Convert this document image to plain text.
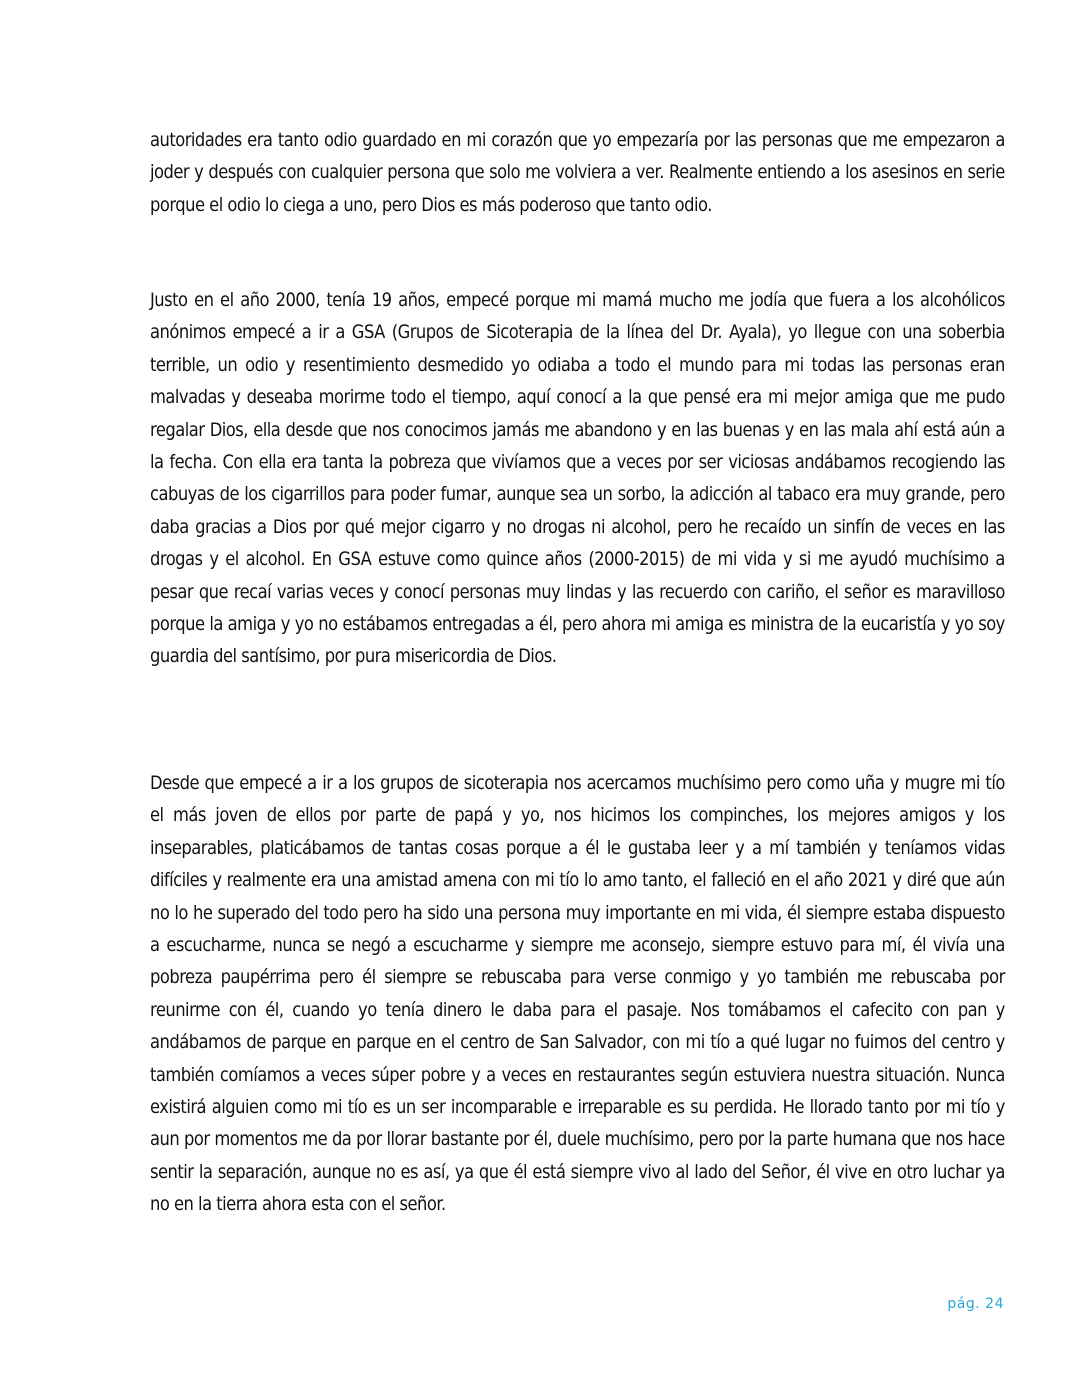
autoridades era tanto odio guardado en mi corazón que yo empezaría por las personas que me empezaron a joder y después con cualquier persona que solo me volviera a ver. Realmente entiendo a los asesinos en serie porque el odio lo ciega a uno, pero Dios es más poderoso que tanto odio.

Justo en el año 2000, tenía 19 años, empecé porque mi mamá mucho me jodía que fuera a los alcohólicos anónimos empecé a ir a GSA (Grupos de Sicoterapia de la línea del Dr. Ayala), yo llegue con una soberbia terrible, un odio y resentimiento desmedido yo odiaba a todo el mundo para mi todas las personas eran malvadas y deseaba morirme todo el tiempo, aquí conocí a la que pensé era mi mejor amiga que me pudo regalar Dios, ella desde que nos conocimos jamás me abandono y en las buenas y en las mala ahí está aún a la fecha. Con ella era tanta la pobreza que vivíamos que a veces por ser viciosas andábamos recogiendo las cabuyas de los cigarrillos para poder fumar, aunque sea un sorbo, la adicción al tabaco era muy grande, pero daba gracias a Dios por qué mejor cigarro y no drogas ni alcohol, pero he recaído un sinfín de veces en las drogas y el alcohol. En GSA estuve como quince años (2000-2015) de mi vida y si me ayudó muchísimo a pesar que recaí varias veces y conocí personas muy lindas y las recuerdo con cariño, el señor es maravilloso porque la amiga y yo no estábamos entregadas a él, pero ahora mi amiga es ministra de la eucaristía y yo soy guardia del santísimo, por pura misericordia de Dios.

Desde que empecé a ir a los grupos de sicoterapia nos acercamos muchísimo pero como uña y mugre mi tío el más joven de ellos por parte de papá y yo, nos hicimos los compinches, los mejores amigos y los inseparables, platicábamos de tantas cosas porque a él le gustaba leer y a mí también y teníamos vidas difíciles y realmente era una amistad amena con mi tío lo amo tanto, el falleció en el año 2021 y diré que aún no lo he superado del todo pero ha sido una persona muy importante en mi vida, él siempre estaba dispuesto a escucharme, nunca se negó a escucharme y siempre me aconsejo, siempre estuvo para mí, él vivía una pobreza paupérrima pero él siempre se rebuscaba para verse conmigo y yo también me rebuscaba por reunirme con él, cuando yo tenía dinero le daba para el pasaje. Nos tomábamos el cafecito con pan y andábamos de parque en parque en el centro de San Salvador, con mi tío a qué lugar no fuimos del centro y también comíamos a veces súper pobre y a veces en restaurantes según estuviera nuestra situación. Nunca existirá alguien como mi tío es un ser incomparable e irreparable es su perdida. He llorado tanto por mi tío y aun por momentos me da por llorar bastante por él, duele muchísimo, pero por la parte humana que nos hace sentir la separación, aunque no es así, ya que él está siempre vivo al lado del Señor, él vive en otro luchar ya no en la tierra ahora esta con el señor.

pág. 24
